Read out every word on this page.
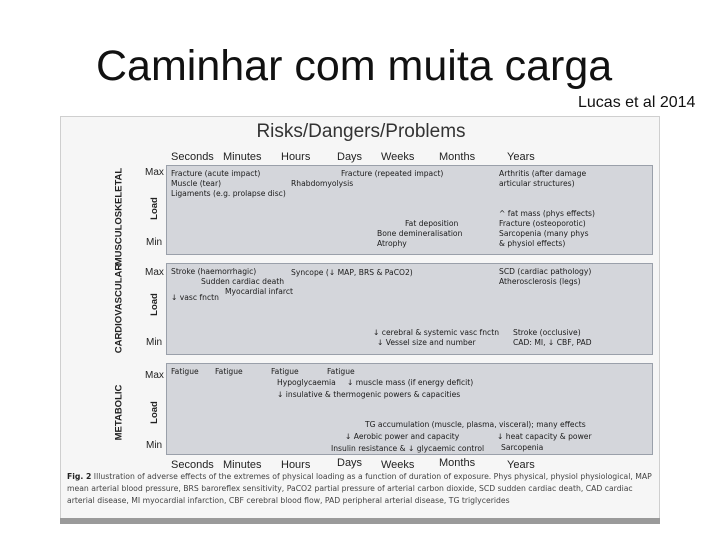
Caminhar com muita carga
Lucas et al 2014
Risks/Dangers/Problems
Seconds Minutes Hours Days Weeks Months	Years
MUSCULOSKELETAL Max
Load
Min
Fracture (acute impact)
Muscle (tear)
Ligaments (e.g. prolapse disc)
Rhabdomyolysis
Fracture (repeated impact)	Arthritis (after damage
articular structures)
^ fat mass (phys effects)
Fracture (osteoporotic)
Sarcopenia (many phys
& physiol effects)
Fat deposition
Bone demineralisation
Atrophy
CARDIOVASCULAR Max
Load
Min
Stroke (haemorrhagic)
Sudden cardiac death
Myocardial infarct
↓ vasc fnctn
Syncope (↓ MAP, BRS & PaCO2)	SCD (cardiac pathology)
Atherosclerosis (legs)
↓ cerebral & systemic vasc fnctn
↓ Vessel size and number
Stroke (occlusive)
CAD: MI, ↓ CBF, PAD
METABOLIC
Max
Load
Min
Fatigue Fatigue	Fatigue	Fatigue
Hypoglycaemia ↓ muscle mass (if energy deficit)
↓ insulative & thermogenic powers & capacities
TG accumulation (muscle, plasma, visceral); many effects
↓ Aerobic power and capacity	↓ heat capacity & power
Insulin resistance & ↓ glycaemic control Sarcopenia
Seconds Minutes Hours Days Weeks Months	Years
Fig. 2 Illustration of adverse effects of the extremes of physical loading as a function of duration of exposure. Phys physical, physiol physiological, MAP mean arterial blood pressure, BRS baroreflex sensitivity, PaCO2 partial pressure of arterial carbon dioxide, SCD sudden cardiac death, CAD cardiac arterial disease, MI myocardial infarction, CBF cerebral blood flow, PAD peripheral arterial disease, TG triglycerides
